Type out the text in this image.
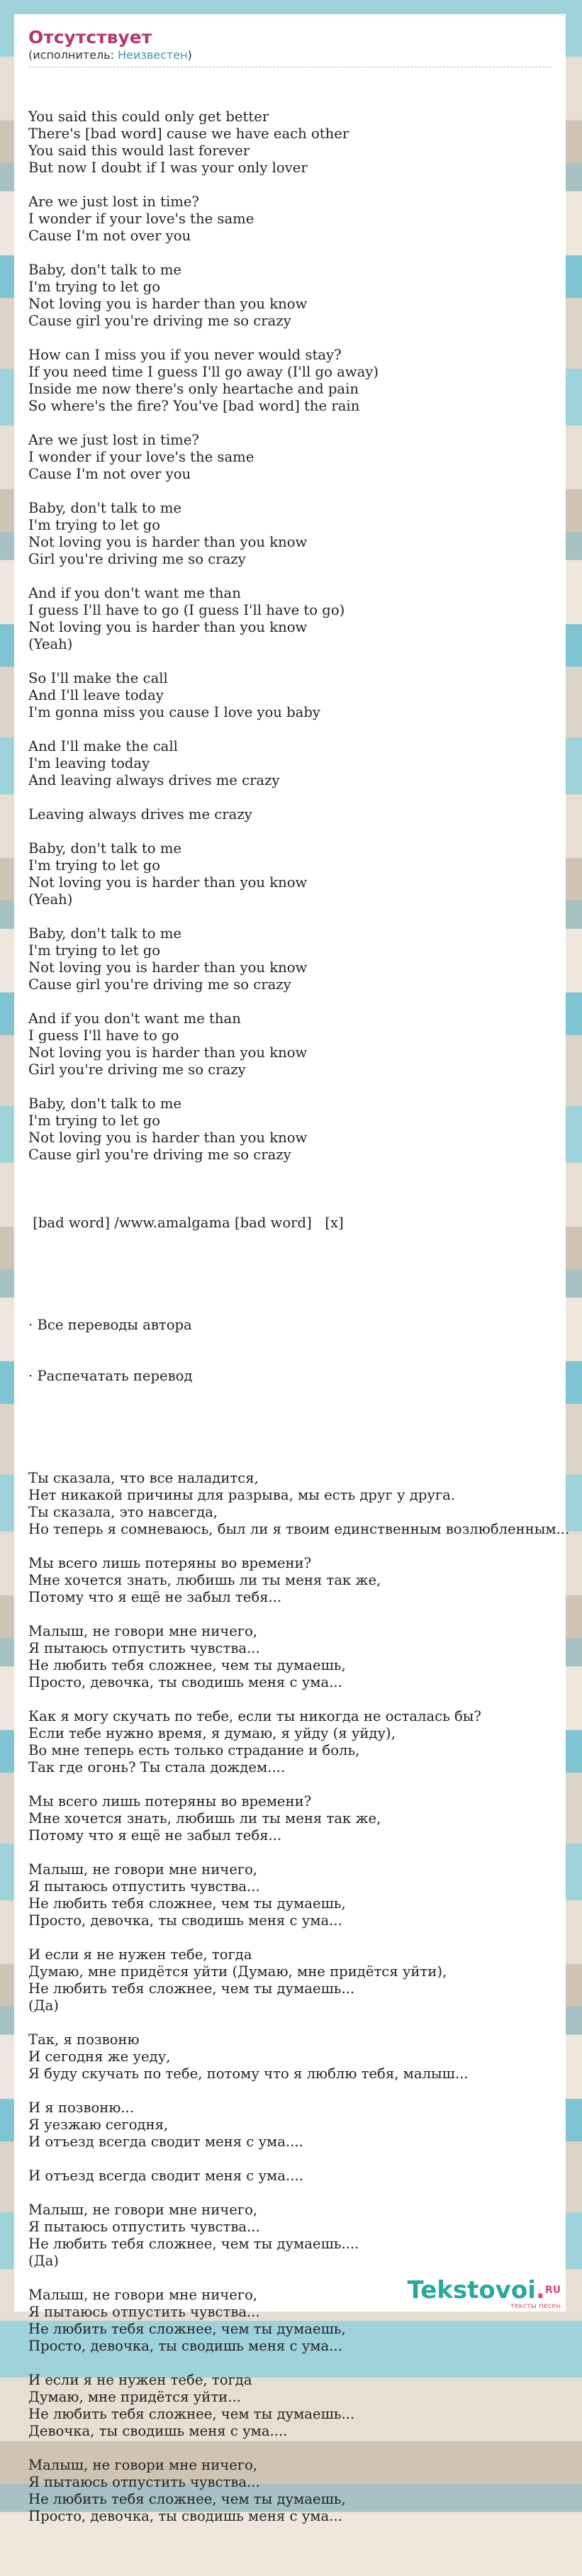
Отсутствует
(исполнитель: Неизвестен)

You said this could only get better
There's [bad word] cause we have each other
You said this would last forever
But now I doubt if I was your only lover
Are we just lost in time?
I wonder if your love's the same
Cause I'm not over you
Baby, don't talk to me
I'm trying to let go
Not loving you is harder than you know
Cause girl you're driving me so crazy
How can I miss you if you never would stay?
If you need time I guess I'll go away (I'll go away)
Inside me now there's only heartache and pain
So where's the fire? You've [bad word] the rain
Are we just lost in time?
I wonder if your love's the same
Cause I'm not over you
Baby, don't talk to me
I'm trying to let go
Not loving you is harder than you know
Girl you're driving me so crazy
And if you don't want me than
I guess I'll have to go (I guess I'll have to go)
Not loving you is harder than you know
(Yeah)
So I'll make the call
And I'll leave today
I'm gonna miss you cause I love you baby
And I'll make the call
I'm leaving today
And leaving always drives me crazy
Leaving always drives me crazy
Baby, don't talk to me
I'm trying to let go
Not loving you is harder than you know
(Yeah)
Baby, don't talk to me
I'm trying to let go
Not loving you is harder than you know
Cause girl you're driving me so crazy
And if you don't want me than
I guess I'll have to go
Not loving you is harder than you know
Girl you're driving me so crazy
Baby, don't talk to me
I'm trying to let go
Not loving you is harder than you know
Cause girl you're driving me so crazy

[bad word] /www.amalgama [bad word]   [x]

· Все переводы автора

· Распечатать перевод

Ты сказала, что все наладится,
Нет никакой причины для разрыва, мы есть друг у друга.
Ты сказала, это навсегда,
Но теперь я сомневаюсь, был ли я твоим единственным возлюбленным...
Мы всего лишь потеряны во времени?
Мне хочется знать, любишь ли ты меня так же,
Потому что я ещё не забыл тебя...
Малыш, не говори мне ничего,
Я пытаюсь отпустить чувства...
Не любить тебя сложнее, чем ты думаешь,
Просто, девочка, ты сводишь меня с ума...
Как я могу скучать по тебе, если ты никогда не осталась бы?
Если тебе нужно время, я думаю, я уйду (я уйду),
Во мне теперь есть только страдание и боль,
Так где огонь? Ты стала дождем....
Мы всего лишь потеряны во времени?
Мне хочется знать, любишь ли ты меня так же,
Потому что я ещё не забыл тебя...
Малыш, не говори мне ничего,
Я пытаюсь отпустить чувства...
Не любить тебя сложнее, чем ты думаешь,
Просто, девочка, ты сводишь меня с ума...
И если я не нужен тебе, тогда
Думаю, мне придётся уйти (Думаю, мне придётся уйти),
Не любить тебя сложнее, чем ты думаешь...
(Да)
Так, я позвоню
И сегодня же уеду,
Я буду скучать по тебе, потому что я люблю тебя, малыш...
И я позвоню...
Я уезжаю сегодня,
И отъезд всегда сводит меня с ума....
И отъезд всегда сводит меня с ума....
Малыш, не говори мне ничего,
Я пытаюсь отпустить чувства...
Не любить тебя сложнее, чем ты думаешь....
(Да)
Малыш, не говори мне ничего,
Я пытаюсь отпустить чувства...
Не любить тебя сложнее, чем ты думаешь,
Просто, девочка, ты сводишь меня с ума...
И если я не нужен тебе, тогда
Думаю, мне придётся уйти...
Не любить тебя сложнее, чем ты думаешь...
Девочка, ты сводишь меня с ума....
Малыш, не говори мне ничего,
Я пытаюсь отпустить чувства...
Не любить тебя сложнее, чем ты думаешь,
Просто, девочка, ты сводишь меня с ума...

Tekstovoi.$^{RU}$
тексты песен
